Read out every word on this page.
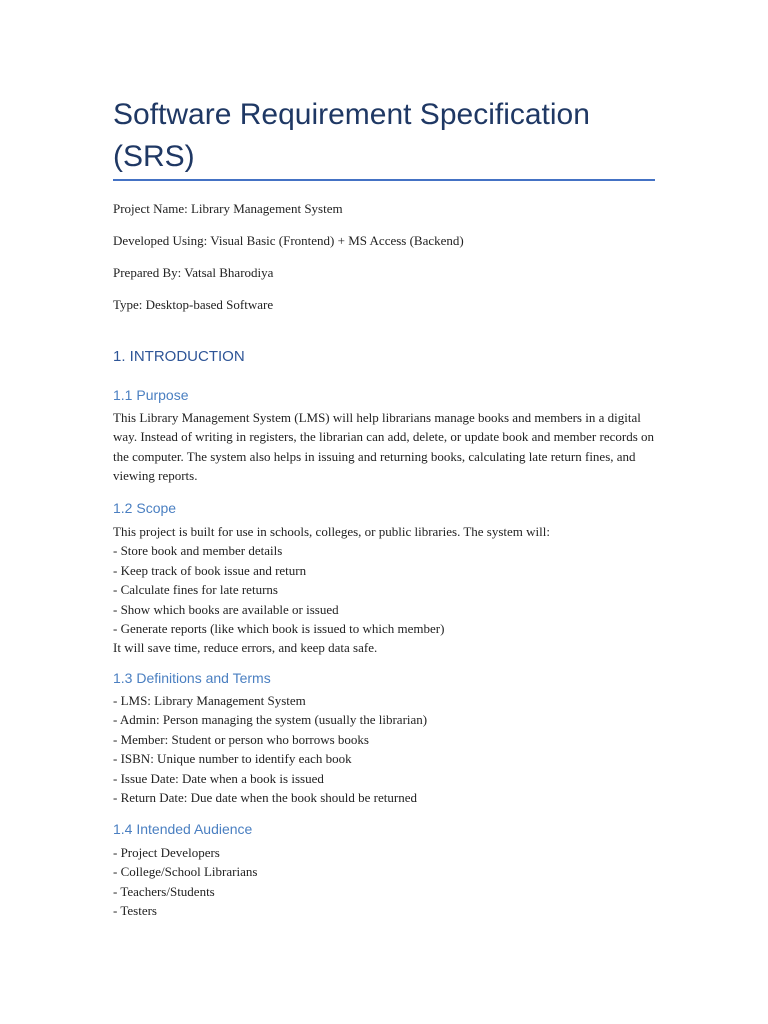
Software Requirement Specification (SRS)

Project Name: Library Management System

Developed Using: Visual Basic (Frontend) + MS Access (Backend)

Prepared By: Vatsal Bharodiya

Type: Desktop-based Software

1. INTRODUCTION
1.1 Purpose

This Library Management System (LMS) will help librarians manage books and members in a digital way. Instead of writing in registers, the librarian can add, delete, or update book and member records on the computer. The system also helps in issuing and returning books, calculating late return fines, and viewing reports.

1.2 Scope
This project is built for use in schools, colleges, or public libraries. The system will:
- Store book and member details
- Keep track of book issue and return
- Calculate fines for late returns
- Show which books are available or issued
- Generate reports (like which book is issued to which member)
It will save time, reduce errors, and keep data safe.
1.3 Definitions and Terms
- LMS: Library Management System
- Admin: Person managing the system (usually the librarian)
- Member: Student or person who borrows books
- ISBN: Unique number to identify each book
- Issue Date: Date when a book is issued
- Return Date: Due date when the book should be returned
1.4 Intended Audience
- Project Developers
- College/School Librarians
- Teachers/Students
- Testers
